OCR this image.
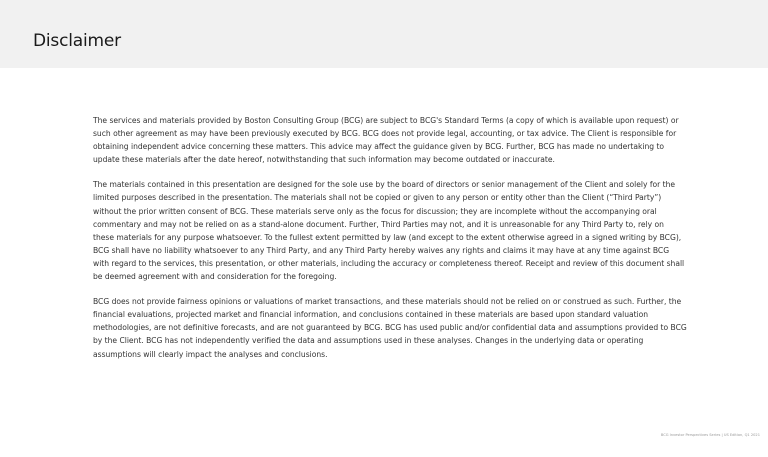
Disclaimer

The services and materials provided by Boston Consulting Group (BCG) are subject to BCG's Standard Terms (a copy of which is available upon request) or such other agreement as may have been previously executed by BCG. BCG does not provide legal, accounting, or tax advice. The Client is responsible for obtaining independent advice concerning these matters. This advice may affect the guidance given by BCG. Further, BCG has made no undertaking to update these materials after the date hereof, notwithstanding that such information may become outdated or inaccurate.

The materials contained in this presentation are designed for the sole use by the board of directors or senior management of the Client and solely for the limited purposes described in the presentation. The materials shall not be copied or given to any person or entity other than the Client (“Third Party”) without the prior written consent of BCG. These materials serve only as the focus for discussion; they are incomplete without the accompanying oral commentary and may not be relied on as a stand-alone document. Further, Third Parties may not, and it is unreasonable for any Third Party to, rely on these materials for any purpose whatsoever. To the fullest extent permitted by law (and except to the extent otherwise agreed in a signed writing by BCG), BCG shall have no liability whatsoever to any Third Party, and any Third Party hereby waives any rights and claims it may have at any time against BCG with regard to the services, this presentation, or other materials, including the accuracy or completeness thereof. Receipt and review of this document shall be deemed agreement with and consideration for the foregoing.

BCG does not provide fairness opinions or valuations of market transactions, and these materials should not be relied on or construed as such. Further, the financial evaluations, projected market and financial information, and conclusions contained in these materials are based upon standard valuation methodologies, are not definitive forecasts, and are not guaranteed by BCG. BCG has used public and/or confidential data and assumptions provided to BCG by the Client. BCG has not independently verified the data and assumptions used in these analyses. Changes in the underlying data or operating assumptions will clearly impact the analyses and conclusions.

BCG Investor Perspectives Series | US Edition, Q1 2021
